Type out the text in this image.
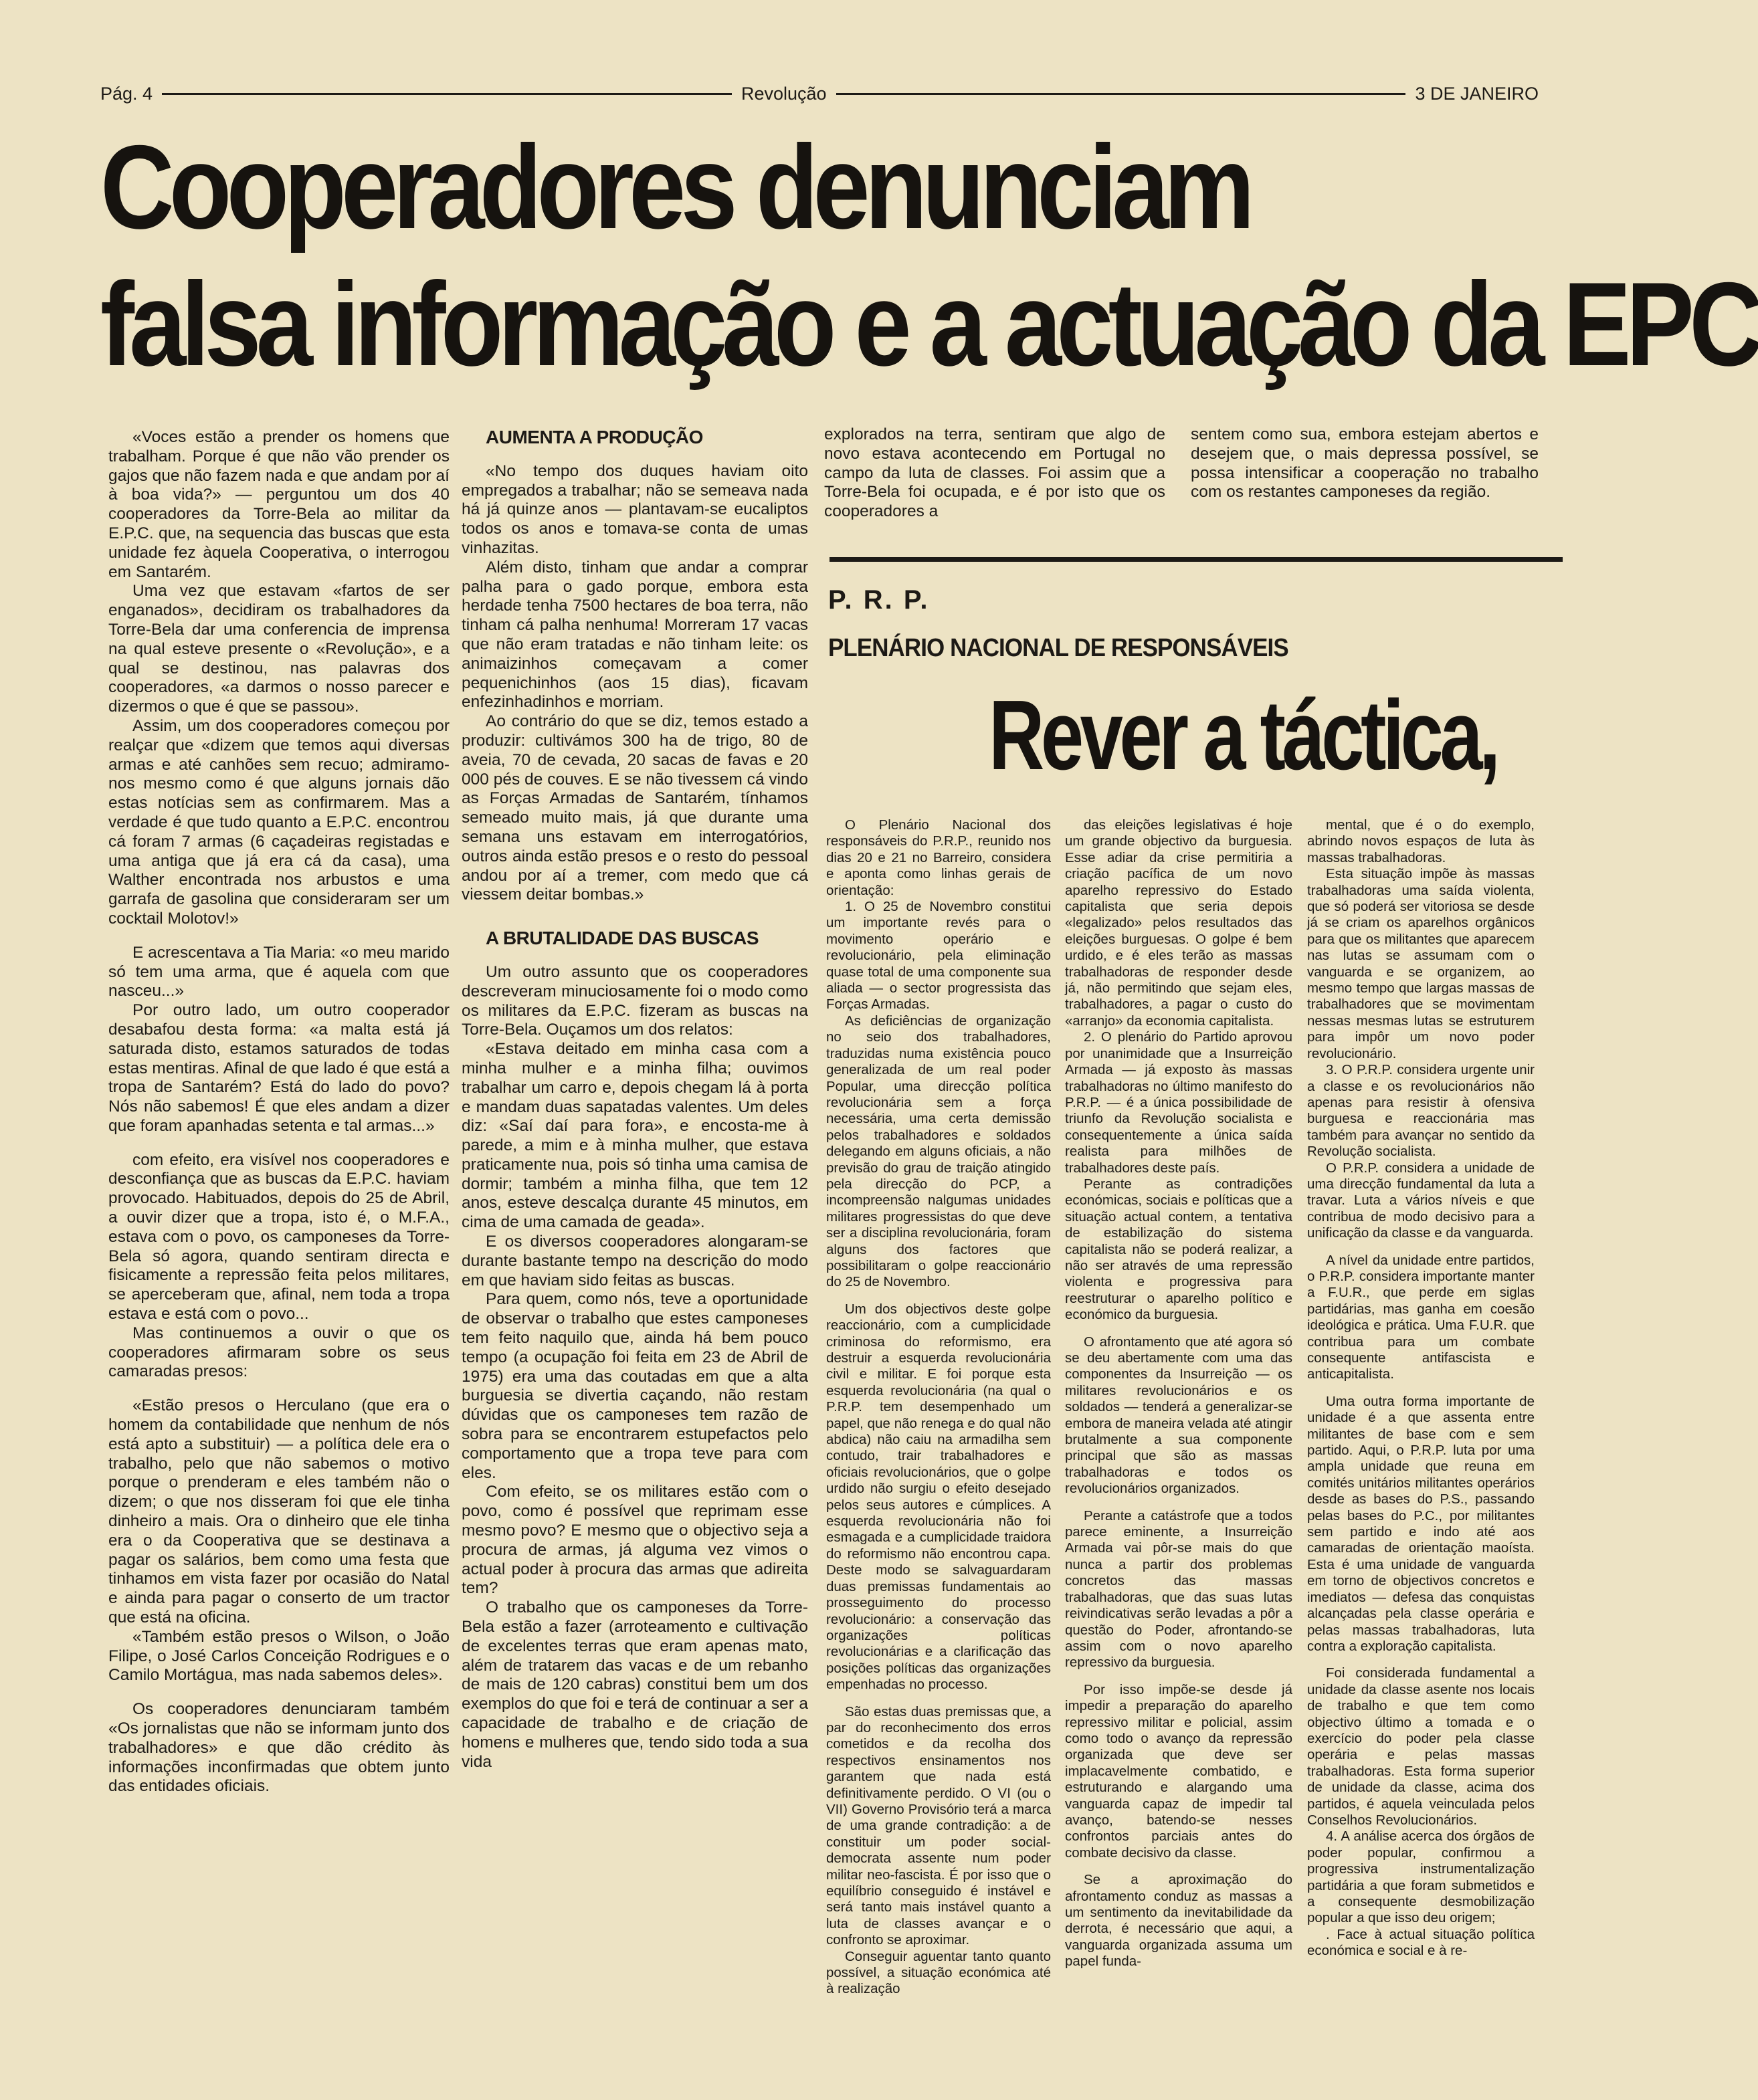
Pág. 4	Revolução	3 DE JANEIRO
Cooperadores denunciam
falsa informação e a actuação da EPC

«Voces estão a prender os homens que trabalham. Porque é que não vão prender os gajos que não fazem nada e que andam por aí à boa vida?» — perguntou um dos 40 cooperadores da Torre-Bela ao militar da E.P.C. que, na sequencia das buscas que esta unidade fez àquela Cooperativa, o interrogou em Santarém.

Uma vez que estavam «fartos de ser enganados», decidiram os trabalhadores da Torre-Bela dar uma conferencia de imprensa na qual esteve presente o «Revolução», e a qual se destinou, nas palavras dos cooperadores, «a darmos o nosso parecer e dizermos o que é que se passou».

Assim, um dos cooperadores começou por realçar que «dizem que temos aqui diversas armas e até canhões sem recuo; admiramo-nos mesmo como é que alguns jornais dão estas notícias sem as confirmarem. Mas a verdade é que tudo quanto a E.P.C. encontrou cá foram 7 armas (6 caçadeiras registadas e uma antiga que já era cá da casa), uma Walther encontrada nos arbustos e uma garrafa de gasolina que consideraram ser um cocktail Molotov!»

E acrescentava a Tia Maria: «o meu marido só tem uma arma, que é aquela com que nasceu...»

Por outro lado, um outro cooperador desabafou desta forma: «a malta está já saturada disto, estamos saturados de todas estas mentiras. Afinal de que lado é que está a tropa de Santarém? Está do lado do povo? Nós não sabemos! É que eles andam a dizer que foram apanhadas setenta e tal armas...»

com efeito, era visível nos cooperadores e desconfiança que as buscas da E.P.C. haviam provocado. Habituados, depois do 25 de Abril, a ouvir dizer que a tropa, isto é, o M.F.A., estava com o povo, os camponeses da Torre-Bela só agora, quando sentiram directa e fisicamente a repressão feita pelos militares, se aperceberam que, afinal, nem toda a tropa estava e está com o povo...

Mas continuemos a ouvir o que os cooperadores afirmaram sobre os seus camaradas presos:

«Estão presos o Herculano (que era o homem da contabilidade que nenhum de nós está apto a substituir) — a política dele era o trabalho, pelo que não sabemos o motivo porque o prenderam e eles também não o dizem; o que nos disseram foi que ele tinha dinheiro a mais. Ora o dinheiro que ele tinha era o da Cooperativa que se destinava a pagar os salários, bem como uma festa que tinhamos em vista fazer por ocasião do Natal e ainda para pagar o conserto de um tractor que está na oficina.

«Também estão presos o Wilson, o João Filipe, o José Carlos Conceição Rodrigues e o Camilo Mortágua, mas nada sabemos deles».

Os cooperadores denunciaram também «Os jornalistas que não se informam junto dos trabalhadores» e que dão crédito às informações inconfirmadas que obtem junto das entidades oficiais.

AUMENTA A PRODUÇÃO

«No tempo dos duques haviam oito empregados a trabalhar; não se semeava nada há já quinze anos — plantavam-se eucaliptos todos os anos e tomava-se conta de umas vinhazitas.

Além disto, tinham que andar a comprar palha para o gado porque, embora esta herdade tenha 7500 hectares de boa terra, não tinham cá palha nenhuma! Morreram 17 vacas que não eram tratadas e não tinham leite: os animaizinhos começavam a comer pequenichinhos (aos 15 dias), ficavam enfezinhadinhos e morriam.

Ao contrário do que se diz, temos estado a produzir: cultivámos 300 ha de trigo, 80 de aveia, 70 de cevada, 20 sacas de favas e 20 000 pés de couves. E se não tivessem cá vindo as Forças Armadas de Santarém, tínhamos semeado muito mais, já que durante uma semana uns estavam em interrogatórios, outros ainda estão presos e o resto do pessoal andou por aí a tremer, com medo que cá viessem deitar bombas.»

A BRUTALIDADE DAS BUSCAS

Um outro assunto que os cooperadores descreveram minuciosamente foi o modo como os militares da E.P.C. fizeram as buscas na Torre-Bela. Ouçamos um dos relatos:

«Estava deitado em minha casa com a minha mulher e a minha filha; ouvimos trabalhar um carro e, depois chegam lá à porta e mandam duas sapatadas valentes. Um deles diz: «Saí daí para fora», e encosta-me à parede, a mim e à minha mulher, que estava praticamente nua, pois só tinha uma camisa de dormir; também a minha filha, que tem 12 anos, esteve descalça durante 45 minutos, em cima de uma camada de geada».

E os diversos cooperadores alongaram-se durante bastante tempo na descrição do modo em que haviam sido feitas as buscas.

Para quem, como nós, teve a oportunidade de observar o trabalho que estes camponeses tem feito naquilo que, ainda há bem pouco tempo (a ocupação foi feita em 23 de Abril de 1975) era uma das coutadas em que a alta burguesia se divertia caçando, não restam dúvidas que os camponeses tem razão de sobra para se encontrarem estupefactos pelo comportamento que a tropa teve para com eles.

Com efeito, se os militares estão com o povo, como é possível que reprimam esse mesmo povo? E mesmo que o objectivo seja a procura de armas, já alguma vez vimos o actual poder à procura das armas que adireita tem?

O trabalho que os camponeses da Torre-Bela estão a fazer (arroteamento e cultivação de excelentes terras que eram apenas mato, além de tratarem das vacas e de um rebanho de mais de 120 cabras) constitui bem um dos exemplos do que foi e terá de continuar a ser a capacidade de trabalho e de criação de homens e mulheres que, tendo sido toda a sua vida

explorados na terra, sentiram que algo de novo estava acontecendo em Portugal no campo da luta de classes. Foi assim que a Torre-Bela foi ocupada, e é por isto que os cooperadores a

sentem como sua, embora estejam abertos e desejem que, o mais depressa possível, se possa intensificar a cooperação no trabalho com os restantes camponeses da região.

P. R. P.
PLENÁRIO NACIONAL DE RESPONSÁVEIS
Rever a táctica,

O Plenário Nacional dos responsáveis do P.R.P., reunido nos dias 20 e 21 no Barreiro, considera e aponta como linhas gerais de orientação:

1. O 25 de Novembro constitui um importante revés para o movimento operário e revolucionário, pela eliminação quase total de uma componente sua aliada — o sector progressista das Forças Armadas.

As deficiências de organização no seio dos trabalhadores, traduzidas numa existência pouco generalizada de um real poder Popular, uma direcção política revolucionária sem a força necessária, uma certa demissão pelos trabalhadores e soldados delegando em alguns oficiais, a não previsão do grau de traição atingido pela direcção do PCP, a incompreensão nalgumas unidades militares progressistas do que deve ser a disciplina revolucionária, foram alguns dos factores que possibilitaram o golpe reaccionário do 25 de Novembro.

Um dos objectivos deste golpe reaccionário, com a cumplicidade criminosa do reformismo, era destruir a esquerda revolucionária civil e militar. E foi porque esta esquerda revolucionária (na qual o P.R.P. tem desempenhado um papel, que não renega e do qual não abdica) não caiu na armadilha sem contudo, trair trabalhadores e oficiais revolucionários, que o golpe urdido não surgiu o efeito desejado pelos seus autores e cúmplices. A esquerda revolucionária não foi esmagada e a cumplicidade traidora do reformismo não encontrou capa. Deste modo se salvaguardaram duas premissas fundamentais ao prosseguimento do processo revolucionário: a conservação das organizações políticas revolucionárias e a clarificação das posições políticas das organizações empenhadas no processo.

São estas duas premissas que, a par do reconhecimento dos erros cometidos e da recolha dos respectivos ensinamentos nos garantem que nada está definitivamente perdido. O VI (ou o VII) Governo Provisório terá a marca de uma grande contradição: a de constituir um poder social-democrata assente num poder militar neo-fascista. É por isso que o equilíbrio conseguido é instável e será tanto mais instável quanto a luta de classes avançar e o confronto se aproximar.

Conseguir aguentar tanto quanto possível, a situação económica até à realização

das eleições legislativas é hoje um grande objectivo da burguesia. Esse adiar da crise permitiria a criação pacífica de um novo aparelho repressivo do Estado capitalista que seria depois «legalizado» pelos resultados das eleições burguesas. O golpe é bem urdido, e é eles terão as massas trabalhadoras de responder desde já, não permitindo que sejam eles, trabalhadores, a pagar o custo do «arranjo» da economia capitalista.

2. O plenário do Partido aprovou por unanimidade que a Insurreição Armada — já exposto às massas trabalhadoras no último manifesto do P.R.P. — é a única possibilidade de triunfo da Revolução socialista e consequentemente a única saída realista para milhões de trabalhadores deste país.

Perante as contradições económicas, sociais e políticas que a situação actual contem, a tentativa de estabilização do sistema capitalista não se poderá realizar, a não ser através de uma repressão violenta e progressiva para reestruturar o aparelho político e económico da burguesia.

O afrontamento que até agora só se deu abertamente com uma das componentes da Insurreição — os militares revolucionários e os soldados — tenderá a generalizar-se embora de maneira velada até atingir brutalmente a sua componente principal que são as massas trabalhadoras e todos os revolucionários organizados.

Perante a catástrofe que a todos parece eminente, a Insurreição Armada vai pôr-se mais do que nunca a partir dos problemas concretos das massas trabalhadoras, que das suas lutas reivindicativas serão levadas a pôr a questão do Poder, afrontando-se assim com o novo aparelho repressivo da burguesia.

Por isso impõe-se desde já impedir a preparação do aparelho repressivo militar e policial, assim como todo o avanço da repressão organizada que deve ser implacavelmente combatido, e estruturando e alargando uma vanguarda capaz de impedir tal avanço, batendo-se nesses confrontos parciais antes do combate decisivo da classe.

Se a aproximação do afrontamento conduz as massas a um sentimento da inevitabilidade da derrota, é necessário que aqui, a vanguarda organizada assuma um papel funda-

mental, que é o do exemplo, abrindo novos espaços de luta às massas trabalhadoras.

Esta situação impõe às massas trabalhadoras uma saída violenta, que só poderá ser vitoriosa se desde já se criam os aparelhos orgânicos para que os militantes que aparecem nas lutas se assumam com o vanguarda e se organizem, ao mesmo tempo que largas massas de trabalhadores que se movimentam nessas mesmas lutas se estruturem para impôr um novo poder revolucionário.

3. O P.R.P. considera urgente unir a classe e os revolucionários não apenas para resistir à ofensiva burguesa e reaccionária mas também para avançar no sentido da Revolução socialista.

O P.R.P. considera a unidade de uma direcção fundamental da luta a travar. Luta a vários níveis e que contribua de modo decisivo para a unificação da classe e da vanguarda.

A nível da unidade entre partidos, o P.R.P. considera importante manter a F.U.R., que perde em siglas partidárias, mas ganha em coesão ideológica e prática. Uma F.U.R. que contribua para um combate consequente antifascista e anticapitalista.

Uma outra forma importante de unidade é a que assenta entre militantes de base com e sem partido. Aqui, o P.R.P. luta por uma ampla unidade que reuna em comités unitários militantes operários desde as bases do P.S., passando pelas bases do P.C., por militantes sem partido e indo até aos camaradas de orientação maoísta. Esta é uma unidade de vanguarda em torno de objectivos concretos e imediatos — defesa das conquistas alcançadas pela classe operária e pelas massas trabalhadoras, luta contra a exploração capitalista.

Foi considerada fundamental a unidade da classe asente nos locais de trabalho e que tem como objectivo último a tomada e o exercício do poder pela classe operária e pelas massas trabalhadoras. Esta forma superior de unidade da classe, acima dos partidos, é aquela veinculada pelos Conselhos Revolucionários.

4. A análise acerca dos órgãos de poder popular, confirmou a progressiva instrumentalização partidária a que foram submetidos e a consequente desmobilização popular a que isso deu origem;

. Face à actual situação política económica e social e à re-
